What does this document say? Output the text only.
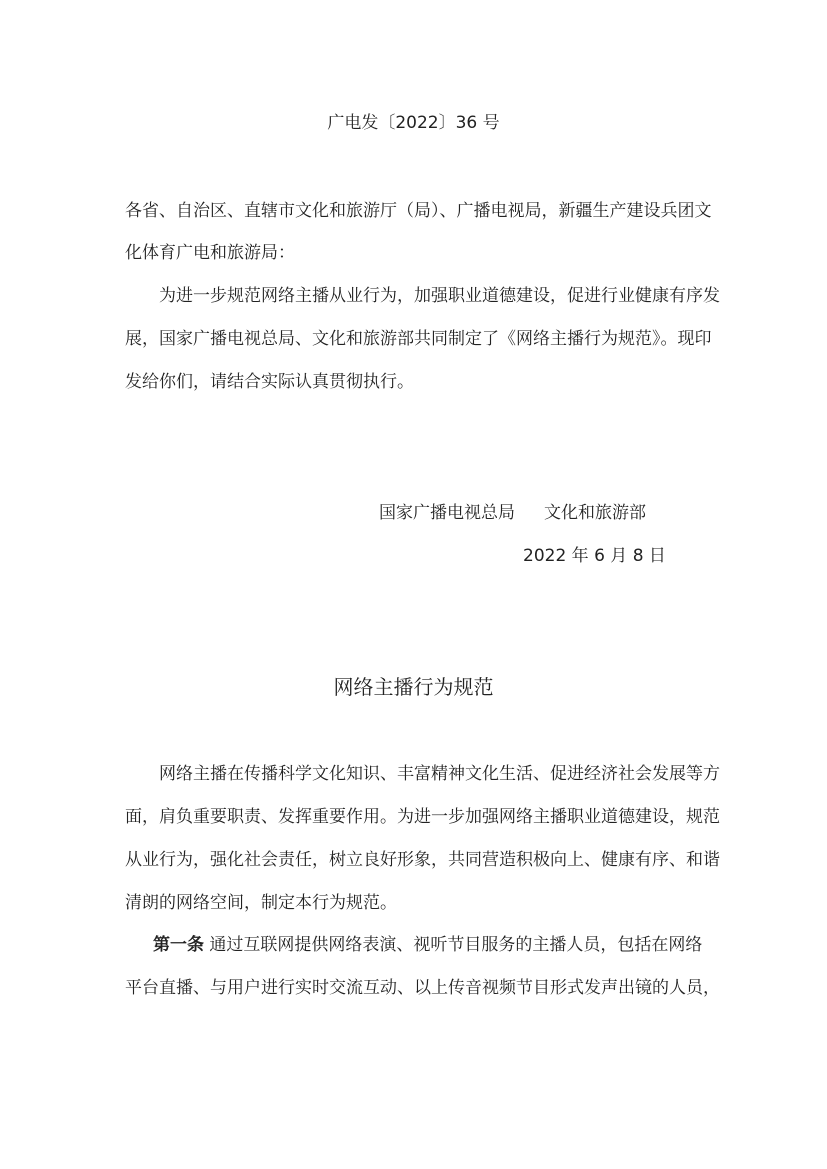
广电发〔2022〕36 号
各省、自治区、直辖市文化和旅游厅（局）、广播电视局，新疆生产建设兵团文
化体育广电和旅游局：
　　为进一步规范网络主播从业行为，加强职业道德建设，促进行业健康有序发
展，国家广播电视总局、文化和旅游部共同制定了《网络主播行为规范》。现印
发给你们，请结合实际认真贯彻执行。
国家广播电视总局 文化和旅游部
2022 年 6 月 8 日
网络主播行为规范
　　网络主播在传播科学文化知识、丰富精神文化生活、促进经济社会发展等方
面，肩负重要职责、发挥重要作用。为进一步加强网络主播职业道德建设，规范
从业行为，强化社会责任，树立良好形象，共同营造积极向上、健康有序、和谐
清朗的网络空间，制定本行为规范。
第一条 通过互联网提供网络表演、视听节目服务的主播人员，包括在网络
平台直播、与用户进行实时交流互动、以上传音视频节目形式发声出镜的人员，
